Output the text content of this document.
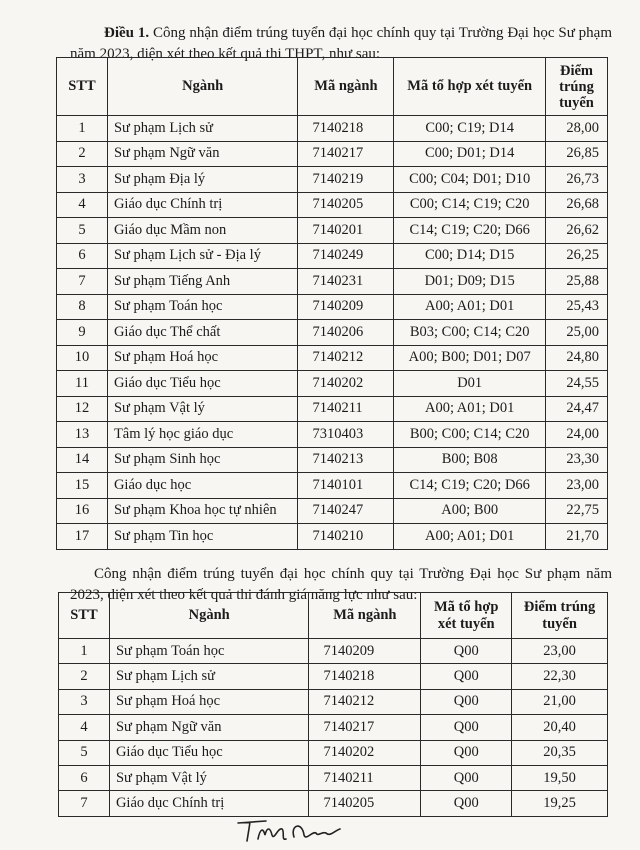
Điều 1. Công nhận điểm trúng tuyển đại học chính quy tại Trường Đại học Sư phạm năm 2023, diện xét theo kết quả thi THPT, như sau:

STT	Ngành	Mã ngành	Mã tổ hợp xét tuyển	Điểm trúng tuyển
1	Sư phạm Lịch sử	7140218	C00; C19; D14	28,00
2	Sư phạm Ngữ văn	7140217	C00; D01; D14	26,85
3	Sư phạm Địa lý	7140219	C00; C04; D01; D10	26,73
4	Giáo dục Chính trị	7140205	C00; C14; C19; C20	26,68
5	Giáo dục Mầm non	7140201	C14; C19; C20; D66	26,62
6	Sư phạm Lịch sử - Địa lý	7140249	C00; D14; D15	26,25
7	Sư phạm Tiếng Anh	7140231	D01; D09; D15	25,88
8	Sư phạm Toán học	7140209	A00; A01; D01	25,43
9	Giáo dục Thể chất	7140206	B03; C00; C14; C20	25,00
10	Sư phạm Hoá học	7140212	A00; B00; D01; D07	24,80
11	Giáo dục Tiểu học	7140202	D01	24,55
12	Sư phạm Vật lý	7140211	A00; A01; D01	24,47
13	Tâm lý học giáo dục	7310403	B00; C00; C14; C20	24,00
14	Sư phạm Sinh học	7140213	B00; B08	23,30
15	Giáo dục học	7140101	C14; C19; C20; D66	23,00
16	Sư phạm Khoa học tự nhiên	7140247	A00; B00	22,75
17	Sư phạm Tin học	7140210	A00; A01; D01	21,70

Công nhận điểm trúng tuyển đại học chính quy tại Trường Đại học Sư phạm năm 2023, diện xét theo kết quả thi đánh giá năng lực như sau:

STT	Ngành	Mã ngành	Mã tổ hợp xét tuyển	Điểm trúng tuyển
1	Sư phạm Toán học	7140209	Q00	23,00
2	Sư phạm Lịch sử	7140218	Q00	22,30
3	Sư phạm Hoá học	7140212	Q00	21,00
4	Sư phạm Ngữ văn	7140217	Q00	20,40
5	Giáo dục Tiểu học	7140202	Q00	20,35
6	Sư phạm Vật lý	7140211	Q00	19,50
7	Giáo dục Chính trị	7140205	Q00	19,25
